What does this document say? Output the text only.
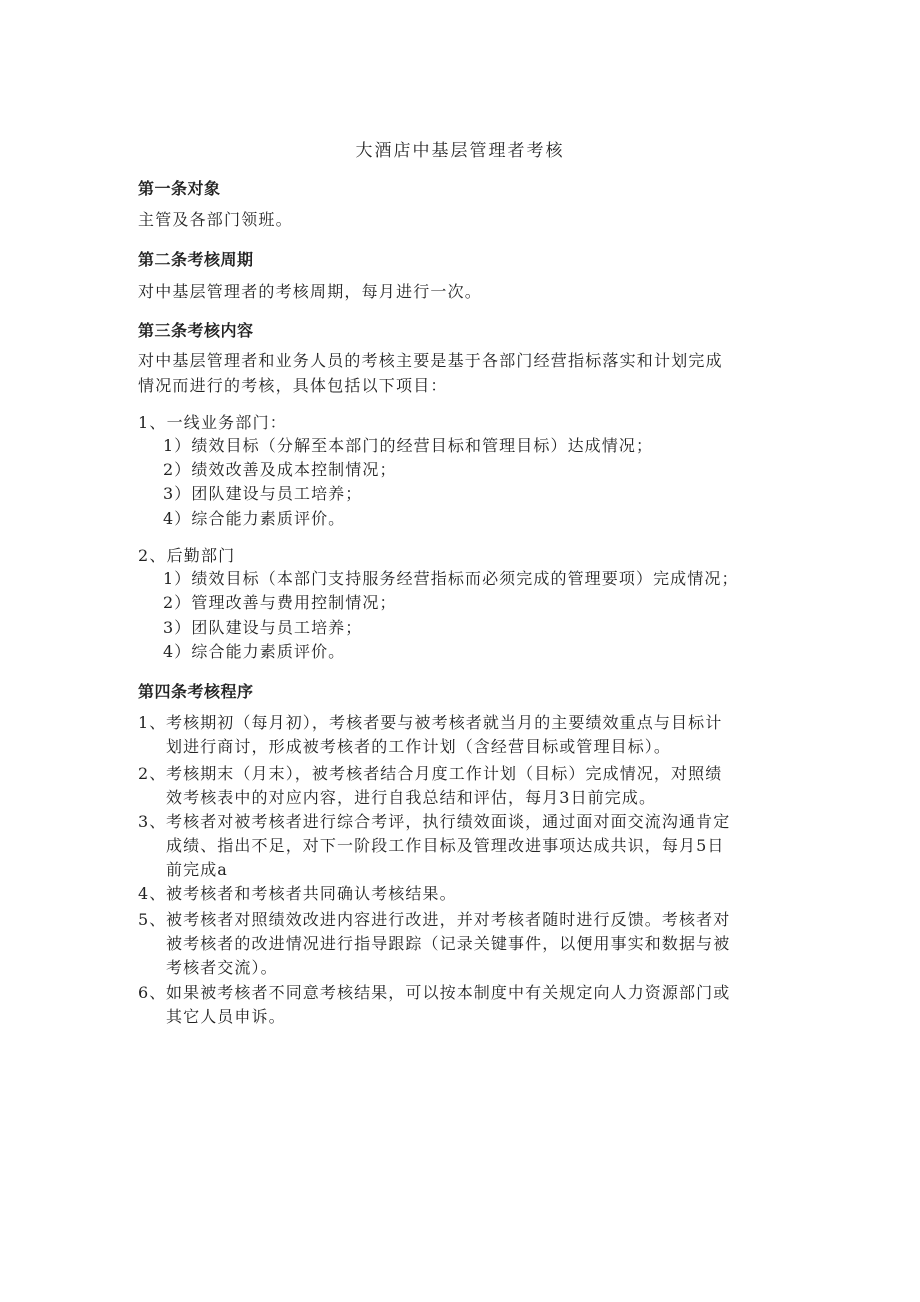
大酒店中基层管理者考核
第一条对象
主管及各部门领班。
第二条考核周期
对中基层管理者的考核周期，每月进行一次。
第三条考核内容
对中基层管理者和业务人员的考核主要是基于各部门经营指标落实和计划完成
情况而进行的考核，具体包括以下项目：
1、一线业务部门：
1）绩效目标（分解至本部门的经营目标和管理目标）达成情况；
2）绩效改善及成本控制情况；
3）团队建设与员工培养；
4）综合能力素质评价。
2、后勤部门
1）绩效目标（本部门支持服务经营指标而必须完成的管理要项）完成情况；
2）管理改善与费用控制情况；
3）团队建设与员工培养；
4）综合能力素质评价。
第四条考核程序
1、 考核期初（每月初），考核者要与被考核者就当月的主要绩效重点与目标计
划进行商讨，形成被考核者的工作计划（含经营目标或管理目标）。
2、 考核期末（月末），被考核者结合月度工作计划（目标）完成情况，对照绩
效考核表中的对应内容，进行自我总结和评估，每月3日前完成。
3、 考核者对被考核者进行综合考评，执行绩效面谈，通过面对面交流沟通肯定
成绩、指出不足，对下一阶段工作目标及管理改进事项达成共识，每月5日
前完成a
4、 被考核者和考核者共同确认考核结果。
5、 被考核者对照绩效改进内容进行改进，并对考核者随时进行反馈。考核者对
被考核者的改进情况进行指导跟踪（记录关键事件，以便用事实和数据与被
考核者交流）。
6、 如果被考核者不同意考核结果，可以按本制度中有关规定向人力资源部门或
其它人员申诉。
